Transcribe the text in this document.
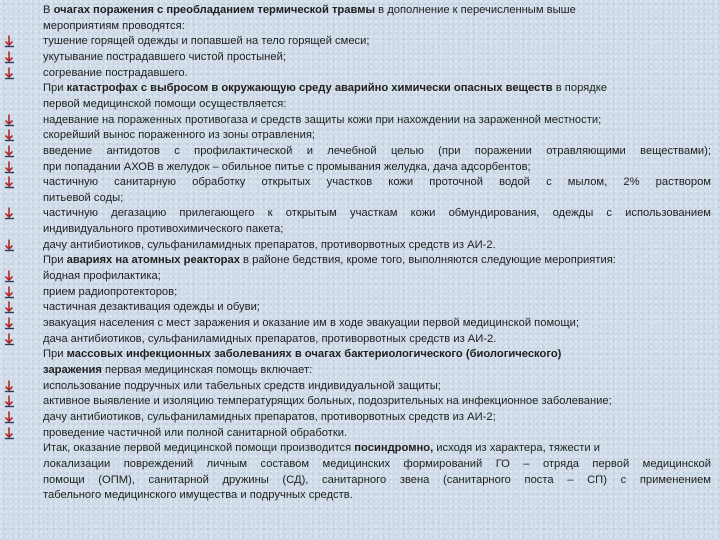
В очагах поражения с преобладанием термической травмы в дополнение к перечисленным выше
мероприятиям проводятся:
тушение горящей одежды и попавшей на тело горящей смеси;
укутывание пострадавшего чистой простыней;
согревание пострадавшего.
При катастрофах с выбросом в окружающую среду аварийно химически опасных веществ в порядке
первой медицинской помощи осуществляется:
надевание на пораженных противогаза и средств защиты кожи при нахождении на зараженной местности;
скорейший вынос пораженного из зоны отравления;
введение антидотов с профилактической и лечебной целью (при поражении отравляющими веществами);
при попадании АХОВ в желудок – обильное питье с промывания желудка, дача адсорбентов;
частичную санитарную обработку открытых участков кожи проточной водой с мылом, 2% раствором
питьевой соды;
частичную дегазацию прилегающего к открытым участкам кожи обмундирования, одежды с использованием
индивидуального противохимического пакета;
дачу антибиотиков, сульфаниламидных препаратов, противорвотных средств из АИ-2.
При авариях на атомных реакторах в районе бедствия, кроме того, выполняются следующие мероприятия:
йодная профилактика;
прием радиопротекторов;
частичная дезактивация одежды и обуви;
эвакуация населения с мест заражения и оказание им в ходе эвакуации первой медицинской помощи;
дача антибиотиков, сульфаниламидных препаратов, противорвотных средств из АИ-2.
При массовых инфекционных заболеваниях в очагах бактериологического (биологического)
заражения первая медицинская помощь включает:
использование подручных или табельных средств индивидуальной защиты;
активное выявление и изоляцию температурящих больных, подозрительных на инфекционное заболевание;
дачу антибиотиков, сульфаниламидных препаратов, противорвотных средств из АИ-2;
проведение частичной или полной санитарной обработки.
Итак, оказание первой медицинской помощи производится посиндромно, исходя из характера, тяжести и
локализации повреждений личным составом медицинских формирований ГО – отряда первой медицинской
помощи (ОПМ), санитарной дружины (СД), санитарного звена (санитарного поста – СП) с применением
табельного медицинского имущества и подручных средств.
